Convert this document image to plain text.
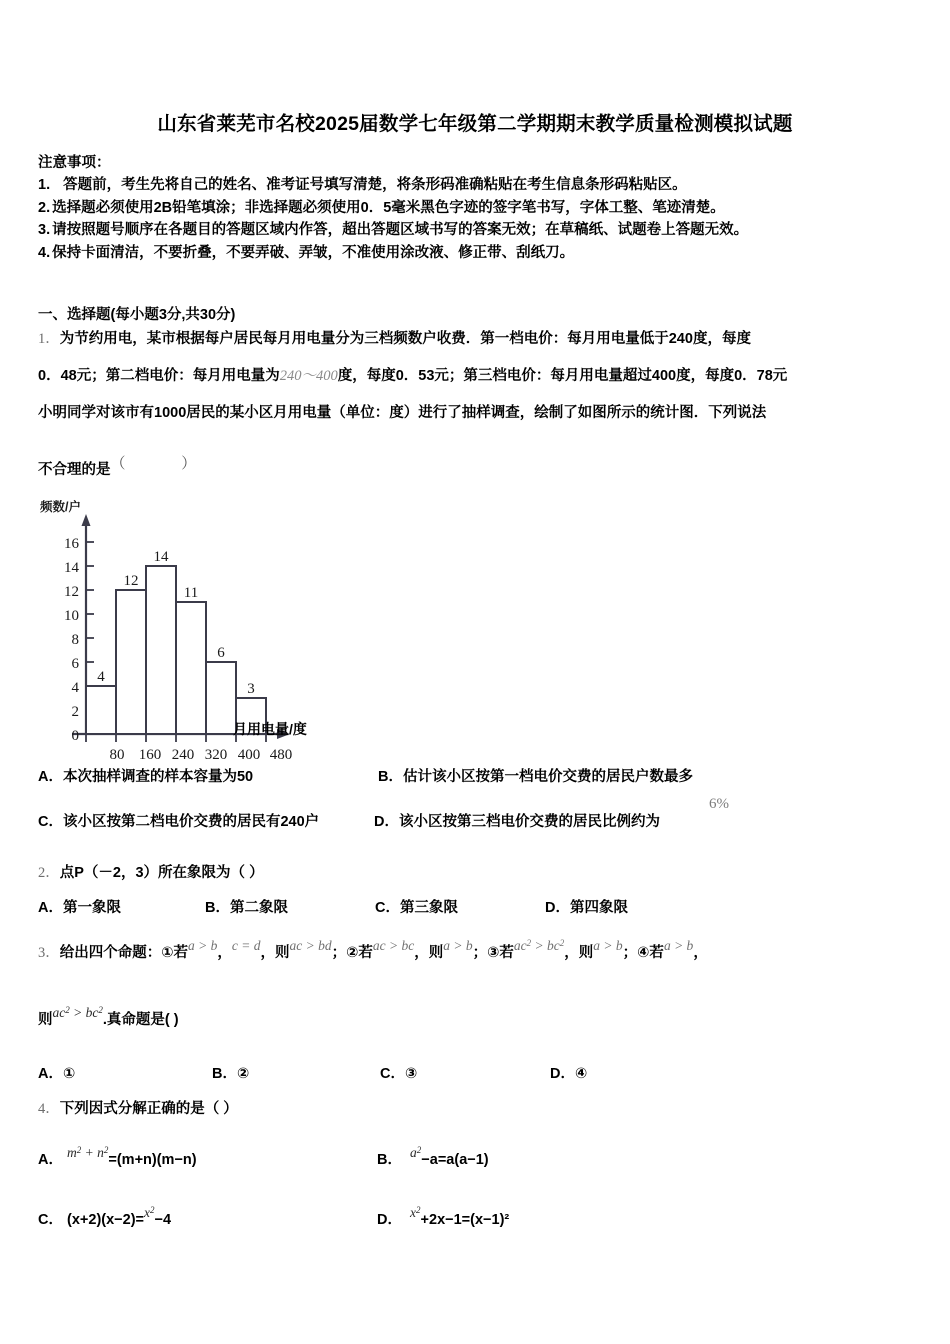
山东省莱芜市名校2025届数学七年级第二学期期末教学质量检测模拟试题
注意事项：
1. 答题前，考生先将自己的姓名、准考证号填写清楚，将条形码准确粘贴在考生信息条形码粘贴区。
2. 选择题必须使用2B铅笔填涂；非选择题必须使用0．5毫米黑色字迹的签字笔书写，字体工整、笔迹清楚。
3. 请按照题号顺序在各题目的答题区域内作答，超出答题区域书写的答案无效；在草稿纸、试题卷上答题无效。
4. 保持卡面清洁，不要折叠，不要弄破、弄皱，不准使用涂改液、修正带、刮纸刀。
一、选择题(每小题3分,共30分)
1．为节约用电，某市根据每户居民每月用电量分为三档频数户收费．第一档电价：每月用电量低于240度，每度
0．48元；第二档电价：每月用电量为240～400度，每度0．53元；第三档电价：每月用电量超过400度，每度0．78元
小明同学对该市有1000居民的某小区月用电量（单位：度）进行了抽样调查，绘制了如图所示的统计图．下列说法
不合理的是（ ）
频数/户
4
12
14
11
6
3
0
2
4
6
8
10
12
14
16
80 160 240 320 400 480
月用电量/度
A．本次抽样调查的样本容量为50	B．估计该小区按第一档电价交费的居民户数最多
C．该小区按第二档电价交费的居民有240户	D．该小区按第三档电价交费的居民比例约为
6%
2．点P（－2，3）所在象限为（ ）
A．第一象限	B．第二象限	C．第三象限	D．第四象限
3．给出四个命题：①若a > b，c = d，则ac > bd；②若ac > bc，则a > b；③若$ac^2 > bc^2$，则a > b；④若a > b，
则$ac^2 > bc^2$.真命题是( )
A．①	B．②	C．③	D．④
4．下列因式分解正确的是（ ）
A． $m^2 + n^2=(m+n)(m-n)$	B． $a^2-a=a(a-1)$
C． $(x+2)(x-2)=x^2-4$	D． $x^2+2x-1=(x-1)^2$
